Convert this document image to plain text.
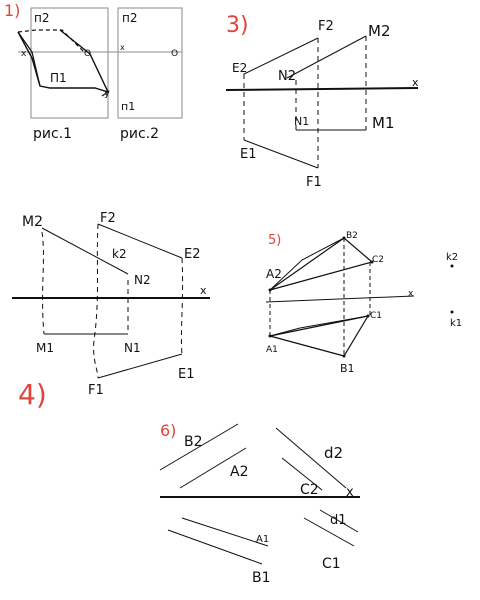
1) п2
O
x
П1
y
рис.1
п2
x
O
п1
рис.2
3)
x
E2
F2
N2
M2
N1	M1
E1
F1
x
M2	F2
k2
N2
E2
M1	N1
F1
E1
4)
5)
x
A2
B2
C2
A1
B1
C1
k2
k1
6)
x
B2
A2
d2
C2
A1
d1
B1
C1
